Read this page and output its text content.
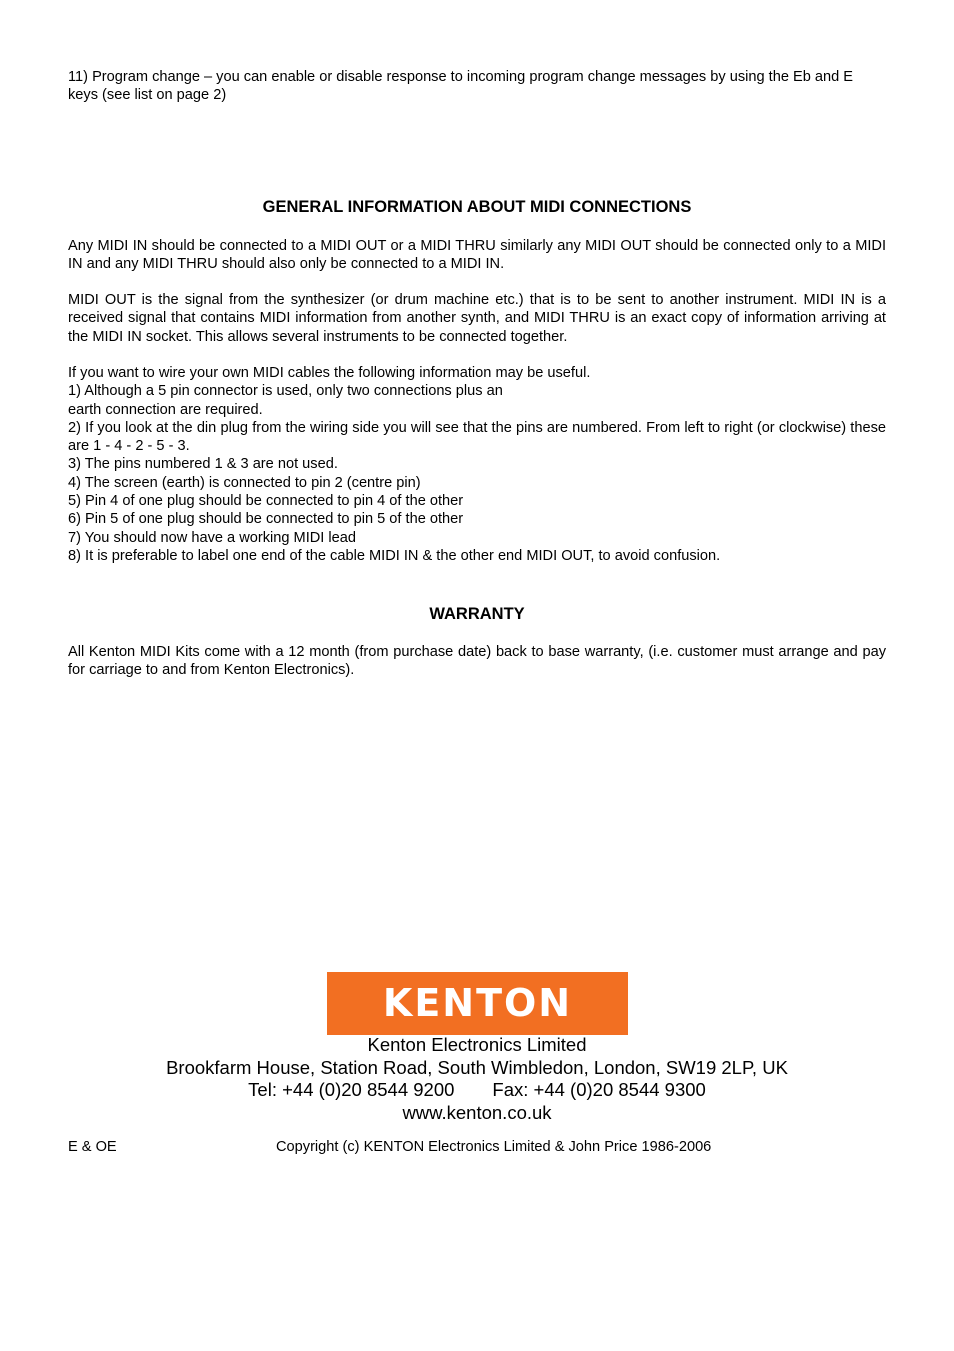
11) Program change – you can enable or disable response to incoming program change messages by using the Eb and E keys (see list on page 2)

GENERAL INFORMATION ABOUT MIDI CONNECTIONS

Any MIDI IN should be connected to a MIDI OUT or a MIDI THRU similarly any MIDI OUT should be connected only to a MIDI IN and any MIDI THRU should also only be connected to a MIDI IN.

MIDI OUT is the signal from the synthesizer (or drum machine etc.) that is to be sent to another instrument. MIDI IN is a received signal that contains MIDI information from another synth, and MIDI THRU is an exact copy of information arriving at the MIDI IN socket. This allows several instruments to be connected together.

If you want to wire your own MIDI cables the following information may be useful.
1) Although a 5 pin connector is used, only two connections plus an
earth connection are required.
2) If you look at the din plug from the wiring side you will see that the pins are numbered. From left to right (or clockwise) these are 1 - 4 - 2 - 5 - 3.
3) The pins numbered 1 & 3 are not used.
4) The screen (earth) is connected to pin 2 (centre pin)
5) Pin 4 of one plug should be connected to pin 4 of the other
6) Pin 5 of one plug should be connected to pin 5 of the other
7) You should now have a working MIDI lead
8) It is preferable to label one end of the cable MIDI IN & the other end MIDI OUT, to avoid confusion.
WARRANTY

All Kenton MIDI Kits come with a 12 month (from purchase date) back to base warranty, (i.e. customer must arrange and pay for carriage to and from Kenton Electronics).

KENTON
Kenton Electronics Limited
Brookfarm House, Station Road, South Wimbledon, London, SW19 2LP, UK
Tel: +44 (0)20 8544 9200 Fax: +44 (0)20 8544 9300
www.kenton.co.uk
E & OE	Copyright (c) KENTON Electronics Limited & John Price 1986-2006
